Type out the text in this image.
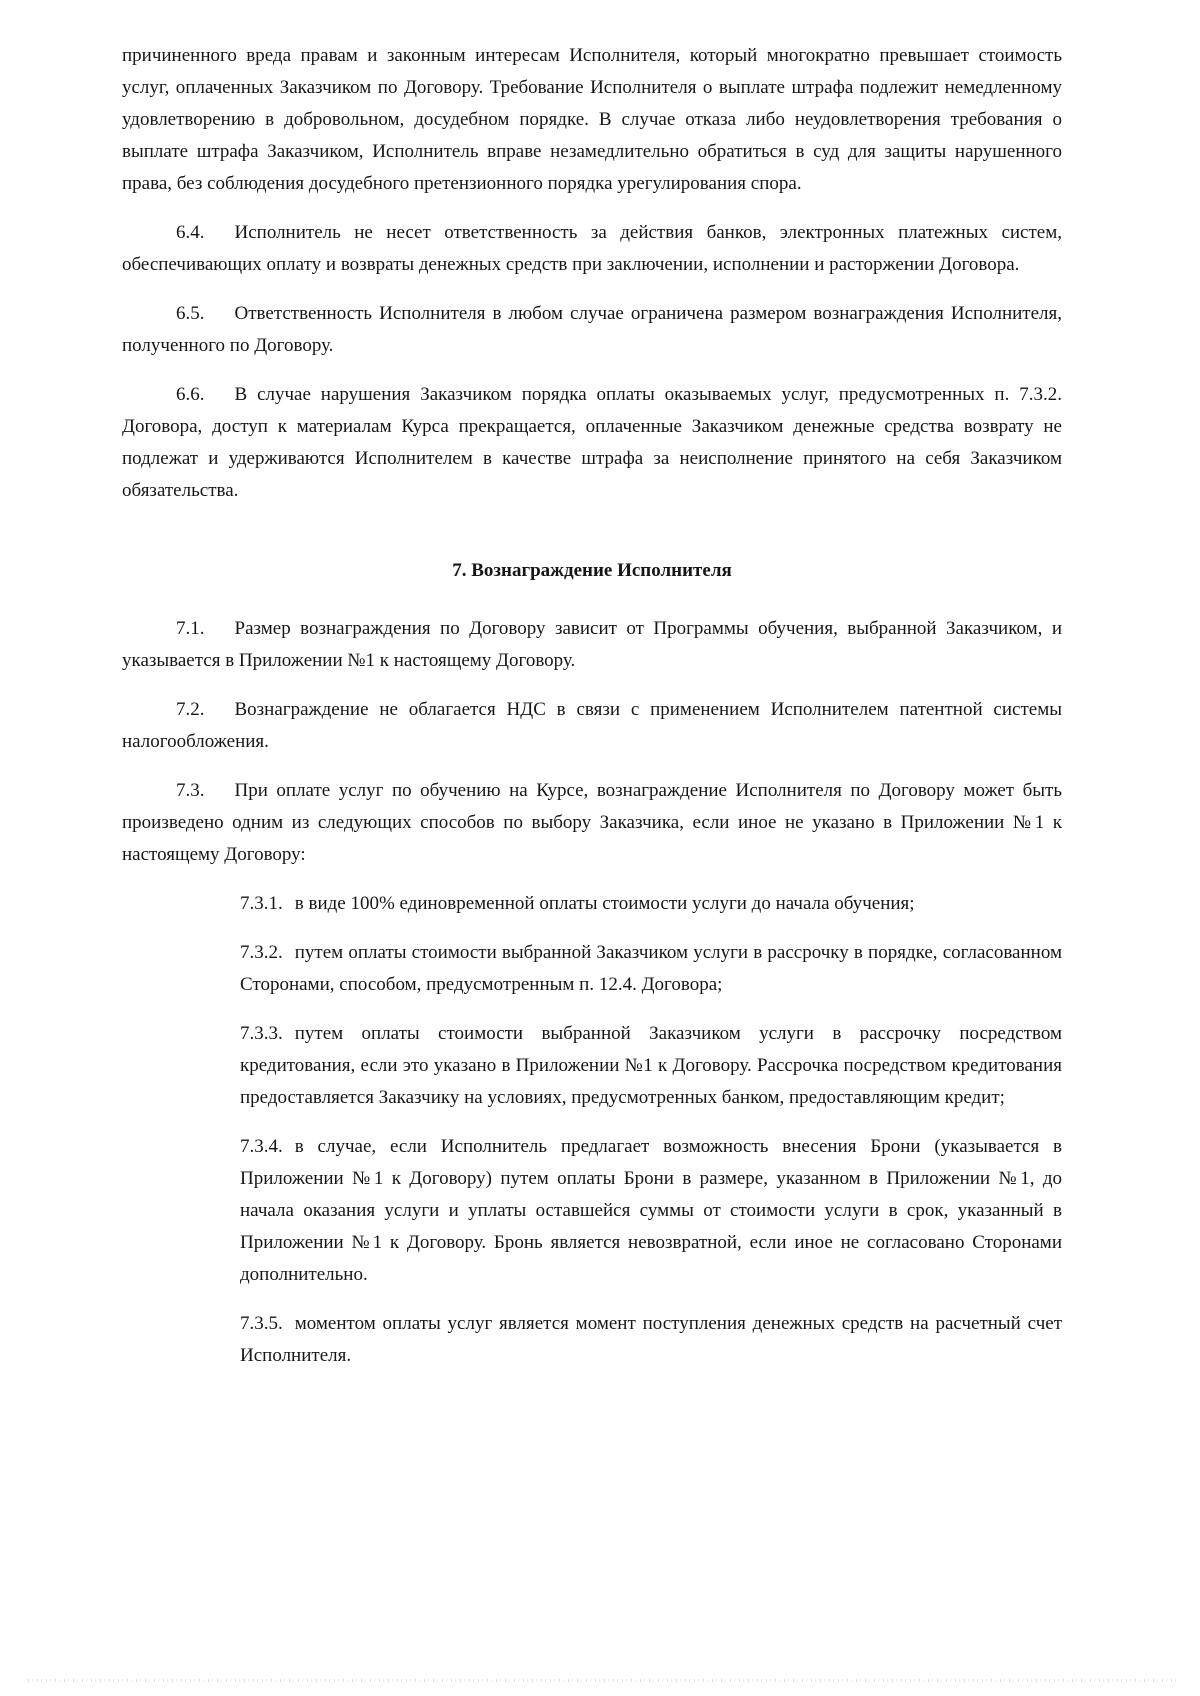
причиненного вреда правам и законным интересам Исполнителя, который многократно превышает стоимость услуг, оплаченных Заказчиком по Договору. Требование Исполнителя о выплате штрафа подлежит немедленному удовлетворению в добровольном, досудебном порядке. В случае отказа либо неудовлетворения требования о выплате штрафа Заказчиком, Исполнитель вправе незамедлительно обратиться в суд для защиты нарушенного права, без соблюдения досудебного претензионного порядка урегулирования спора.

6.4. Исполнитель не несет ответственность за действия банков, электронных платежных систем, обеспечивающих оплату и возвраты денежных средств при заключении, исполнении и расторжении Договора.

6.5. Ответственность Исполнителя в любом случае ограничена размером вознаграждения Исполнителя, полученного по Договору.

6.6. В случае нарушения Заказчиком порядка оплаты оказываемых услуг, предусмотренных п. 7.3.2. Договора, доступ к материалам Курса прекращается, оплаченные Заказчиком денежные средства возврату не подлежат и удерживаются Исполнителем в качестве штрафа за неисполнение принятого на себя Заказчиком обязательства.

7. Вознаграждение Исполнителя

7.1. Размер вознаграждения по Договору зависит от Программы обучения, выбранной Заказчиком, и указывается в Приложении №1 к настоящему Договору.

7.2. Вознаграждение не облагается НДС в связи с применением Исполнителем патентной системы налогообложения.

7.3. При оплате услуг по обучению на Курсе, вознаграждение Исполнителя по Договору может быть произведено одним из следующих способов по выбору Заказчика, если иное не указано в Приложении №1 к настоящему Договору:

7.3.1. в виде 100% единовременной оплаты стоимости услуги до начала обучения;

7.3.2. путем оплаты стоимости выбранной Заказчиком услуги в рассрочку в порядке, согласованном Сторонами, способом, предусмотренным п. 12.4. Договора;

7.3.3. путем оплаты стоимости выбранной Заказчиком услуги в рассрочку посредством кредитования, если это указано в Приложении №1 к Договору. Рассрочка посредством кредитования предоставляется Заказчику на условиях, предусмотренных банком, предоставляющим кредит;

7.3.4. в случае, если Исполнитель предлагает возможность внесения Брони (указывается в Приложении №1 к Договору) путем оплаты Брони в размере, указанном в Приложении №1, до начала оказания услуги и уплаты оставшейся суммы от стоимости услуги в срок, указанный в Приложении №1 к Договору. Бронь является невозвратной, если иное не согласовано Сторонами дополнительно.

7.3.5. моментом оплаты услуг является момент поступления денежных средств на расчетный счет Исполнителя.
